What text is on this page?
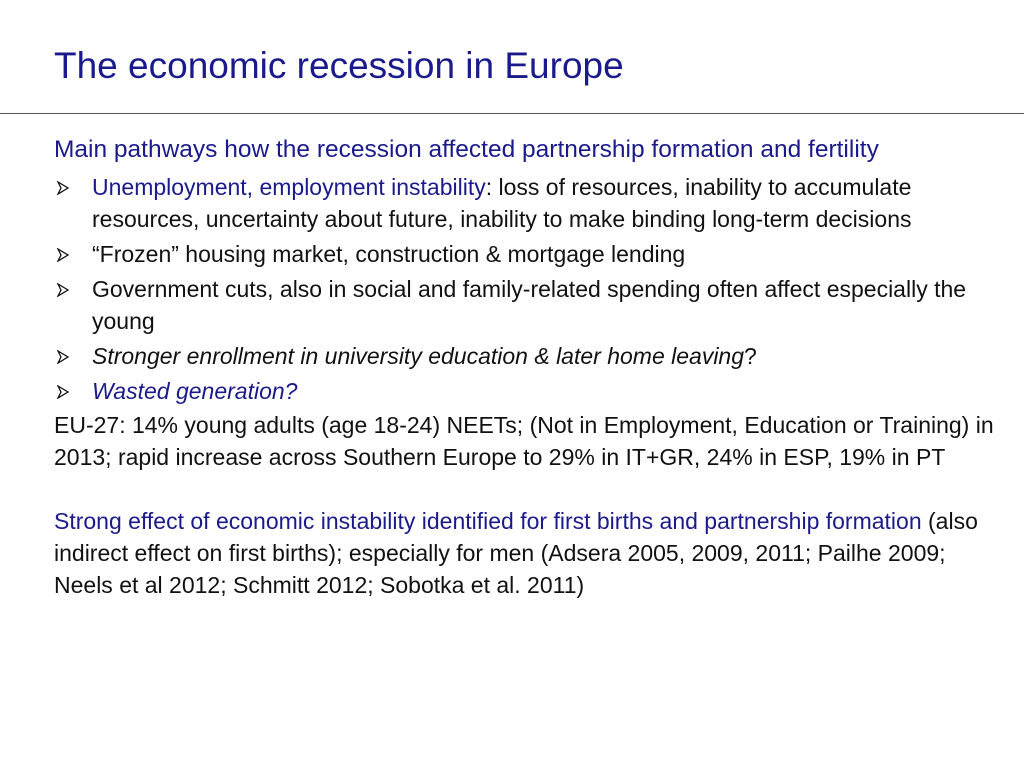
The economic recession in Europe

Main pathways how the recession affected partnership formation and fertility

Unemployment, employment instability: loss of resources, inability to accumulate resources, uncertainty about future, inability to make binding long-term decisions
“Frozen” housing market, construction & mortgage lending
Government cuts, also in social and family-related spending often affect especially the young
Stronger enrollment in university education & later home leaving?
Wasted generation?

EU-27: 14% young adults (age 18-24) NEETs; (Not in Employment, Education or Training) in 2013; rapid increase across Southern Europe to 29% in IT+GR, 24% in ESP, 19% in PT

Strong effect of economic instability identified for first births and partnership formation (also indirect effect on first births); especially for men (Adsera 2005, 2009, 2011; Pailhe 2009; Neels et al 2012; Schmitt 2012; Sobotka et al. 2011)
